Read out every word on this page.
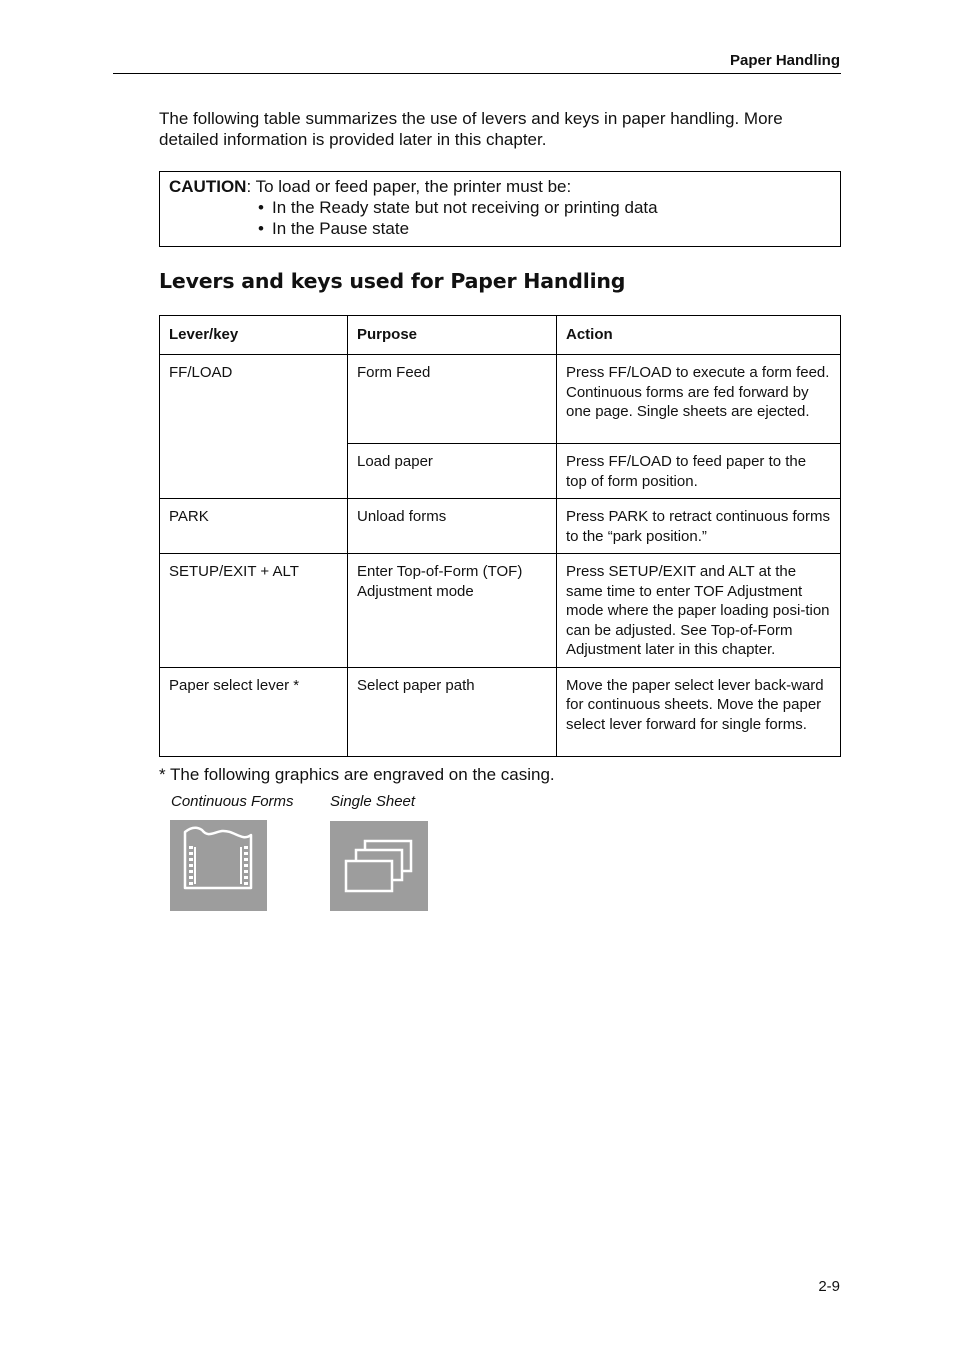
Paper Handling
The following table summarizes the use of levers and keys in paper handling. More detailed information is provided later in this chapter.
CAUTION: To load or feed paper, the printer must be:
• In the Ready state but not receiving or printing data
• In the Pause state
Levers and keys used for Paper Handling
Lever/key	Purpose	Action
FF/LOAD	Form Feed	Press FF/LOAD to execute a form feed. Continuous forms are fed forward by one page. Single sheets are ejected.
	Load paper	Press FF/LOAD to feed paper to the top of form position.
PARK	Unload forms	Press PARK to retract continuous forms to the “park position.”
SETUP/EXIT + ALT	Enter Top-of-Form (TOF) Adjustment mode	Press SETUP/EXIT and ALT at the same time to enter TOF Adjustment mode where the paper loading posi-tion can be adjusted. See Top-of-Form Adjustment later in this chapter.
Paper select lever *	Select paper path	Move the paper select lever back-ward for continuous sheets. Move the paper select lever forward for single forms.
* The following graphics are engraved on the casing.
Continuous Forms Single Sheet
2-9
